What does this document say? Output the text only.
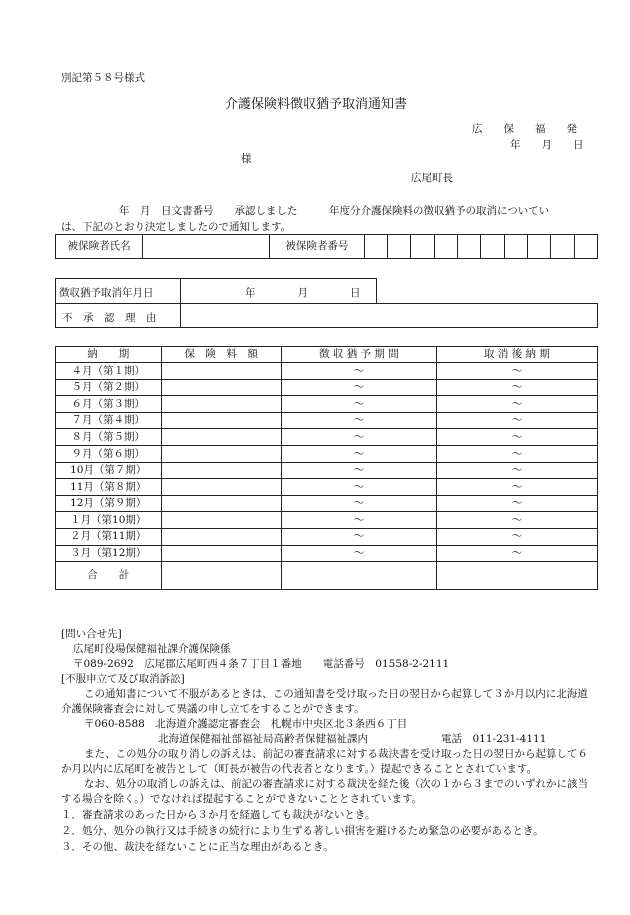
別記第５８号様式
介護保険料徴収猶予取消通知書
広　　保　　福　　発
年　　月　　日
様
広尾町長
年　月　日文書番号　　承認しました　　　年度分介護保険料の徴収猶予の取消についてい
は、下記のとおり決定しましたので通知します。
被保険者氏名		被保険者番号										
徴収猶予取消年月日	年　　　　月　　　　日
不　承　認　理　由
納　　期	保　険　料　額	徴 収 猶 予 期 間	取 消 後 納 期
４月（第１期）		～	～
５月（第２期）		～	～
６月（第３期）		～	～
７月（第４期）		～	～
８月（第５期）		～	～
９月（第６期）		～	～
10月（第７期）		～	～
11月（第８期）		～	～
12月（第９期）		～	～
１月（第10期）		～	～
２月（第11期）		～	～
３月（第12期）		～	～
合　　計			
[問い合せ先]
広尾町役場保健福祉課介護保険係
〒089-2692　広尾郡広尾町西４条７丁目１番地　　電話番号　01558-2-2111
[不服申立て及び取消訴訟]
この通知書について不服があるときは、この通知書を受け取った日の翌日から起算して３か月以内に北海道
介護保険審査会に対して異議の申し立てをすることができます。
〒060-8588　北海道介護認定審査会　札幌市中央区北３条西６丁目
北海道保健福祉部福祉局高齢者保健福祉課内	電話　011-231-4111
また、この処分の取り消しの訴えは、前記の審査請求に対する裁決書を受け取った日の翌日から起算して６
か月以内に広尾町を被告として（町長が被告の代表者となります。）提起できることとされています。
なお、処分の取消しの訴えは、前記の審査請求に対する裁決を経た後（次の１から３までのいずれかに該当
する場合を除く。）でなければ提起することができないこととされています。
１．審査請求のあった日から３か月を経過しても裁決がないとき。
２．処分、処分の執行又は手続きの続行により生ずる著しい損害を避けるため緊急の必要があるとき。
３．その他、裁決を経ないことに正当な理由があるとき。
